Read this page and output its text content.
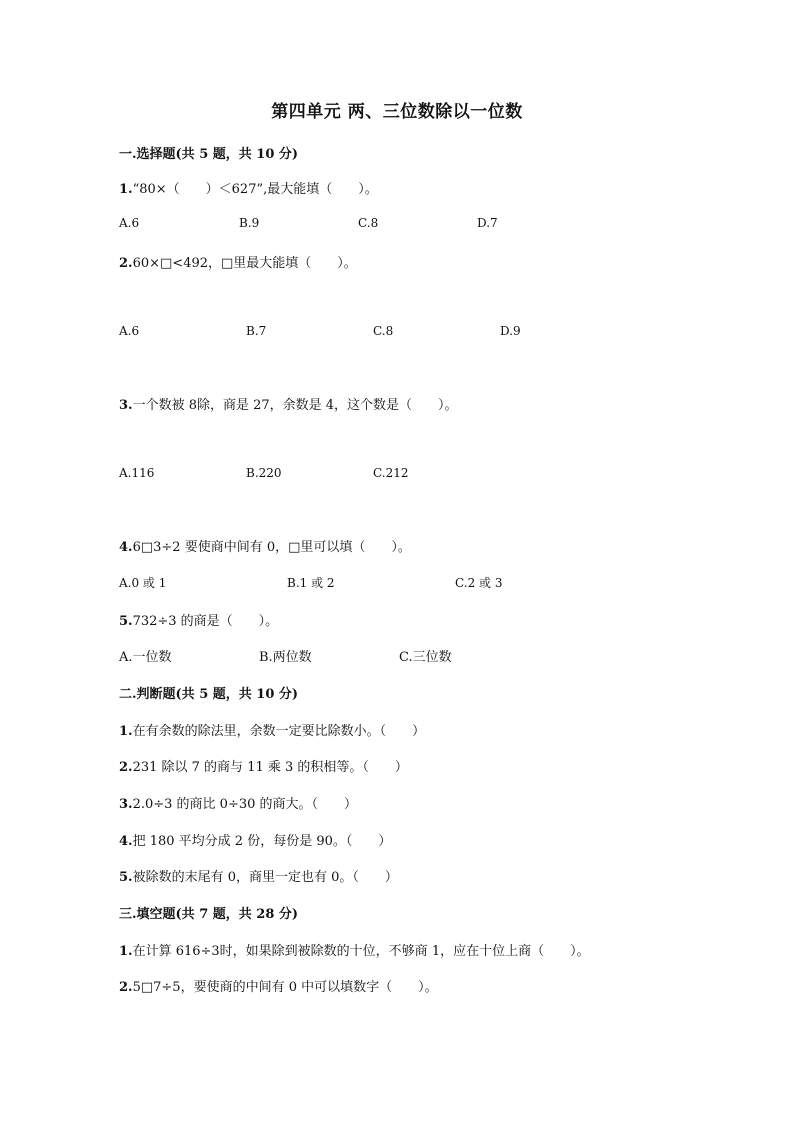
第四单元 两、三位数除以一位数
一.选择题(共 5 题，共 10 分)
1.“80×（　　）＜627”,最大能填（　　）。
A.6	B.9	C.8	D.7
2.60×□<492，□里最大能填（　　）。
A.6	B.7	C.8	D.9
3.一个数被 8除，商是 27，余数是 4，这个数是（　　）。
A.116	B.220	C.212
4.6□3÷2 要使商中间有 0，□里可以填（　　）。
A.0 或 1	B.1 或 2	C.2 或 3
5.732÷3 的商是（　　）。
A.一位数	B.两位数	C.三位数
二.判断题(共 5 题，共 10 分)
1.在有余数的除法里，余数一定要比除数小。（　　）
2.231 除以 7 的商与 11 乘 3 的积相等。（　　）
3.2.0÷3 的商比 0÷30 的商大。（　　）
4.把 180 平均分成 2 份，每份是 90。（　　）
5.被除数的末尾有 0，商里一定也有 0。（　　）
三.填空题(共 7 题，共 28 分)
1.在计算 616÷3时，如果除到被除数的十位，不够商 1，应在十位上商（　　）。
2.5□7÷5，要使商的中间有 0 中可以填数字（　　）。
